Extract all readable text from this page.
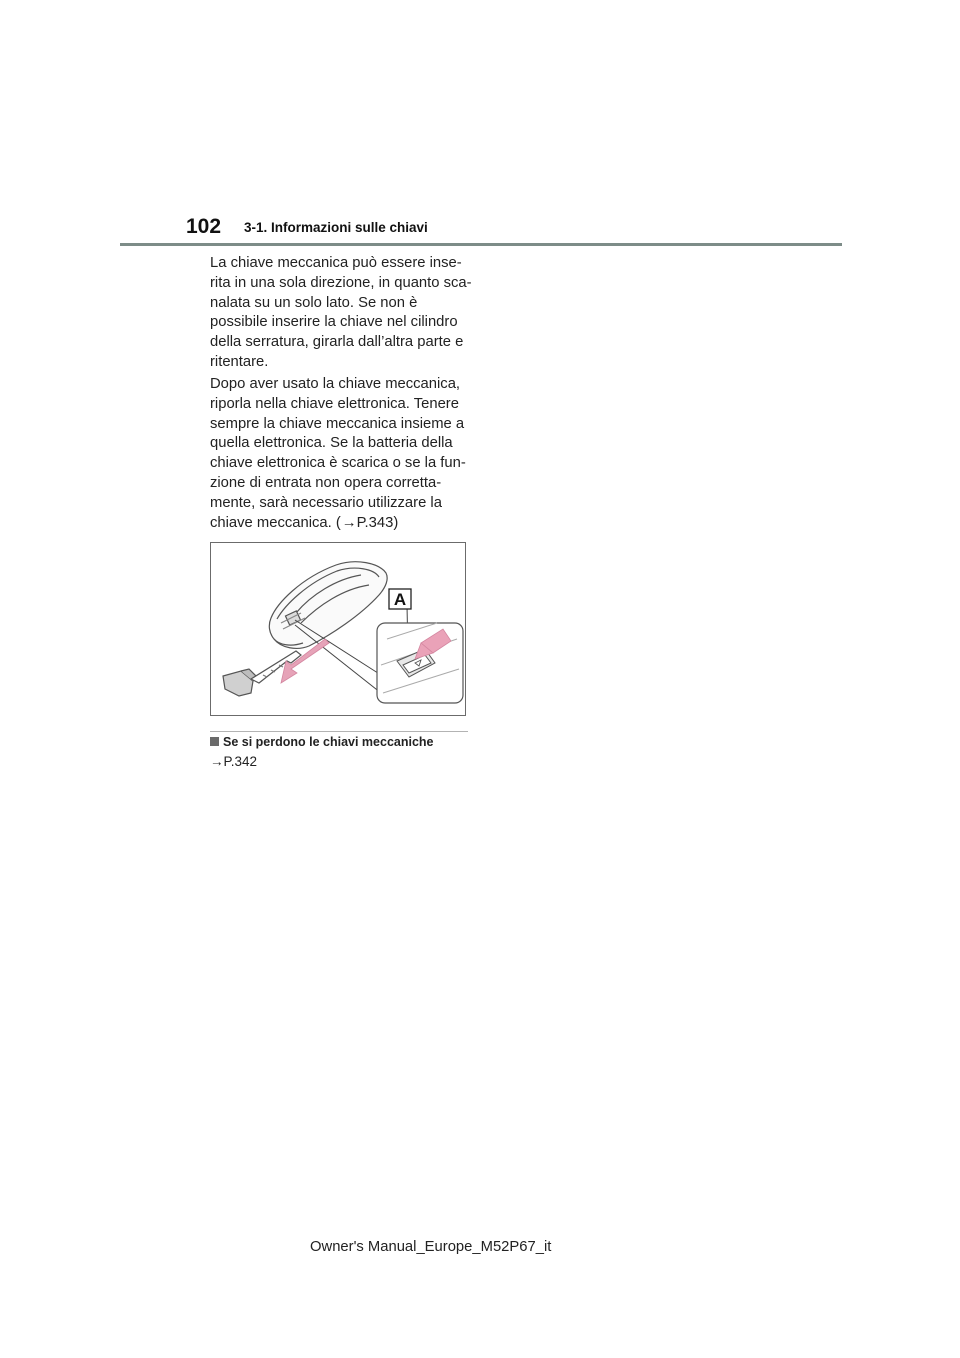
102 3-1. Informazioni sulle chiavi
La chiave meccanica può essere inse-rita in una sola direzione, in quanto sca-nalata su un solo lato. Se non è possibile inserire la chiave nel cilindro della serratura, girarla dall’altra parte e ritentare.
Dopo aver usato la chiave meccanica, riporla nella chiave elettronica. Tenere sempre la chiave meccanica insieme a quella elettronica. Se la batteria della chiave elettronica è scarica o se la fun-zione di entrata non opera corretta-mente, sarà necessario utilizzare la chiave meccanica. (→P.343)
A
Se si perdono le chiavi meccaniche
→P.342
Owner's Manual_Europe_M52P67_it
